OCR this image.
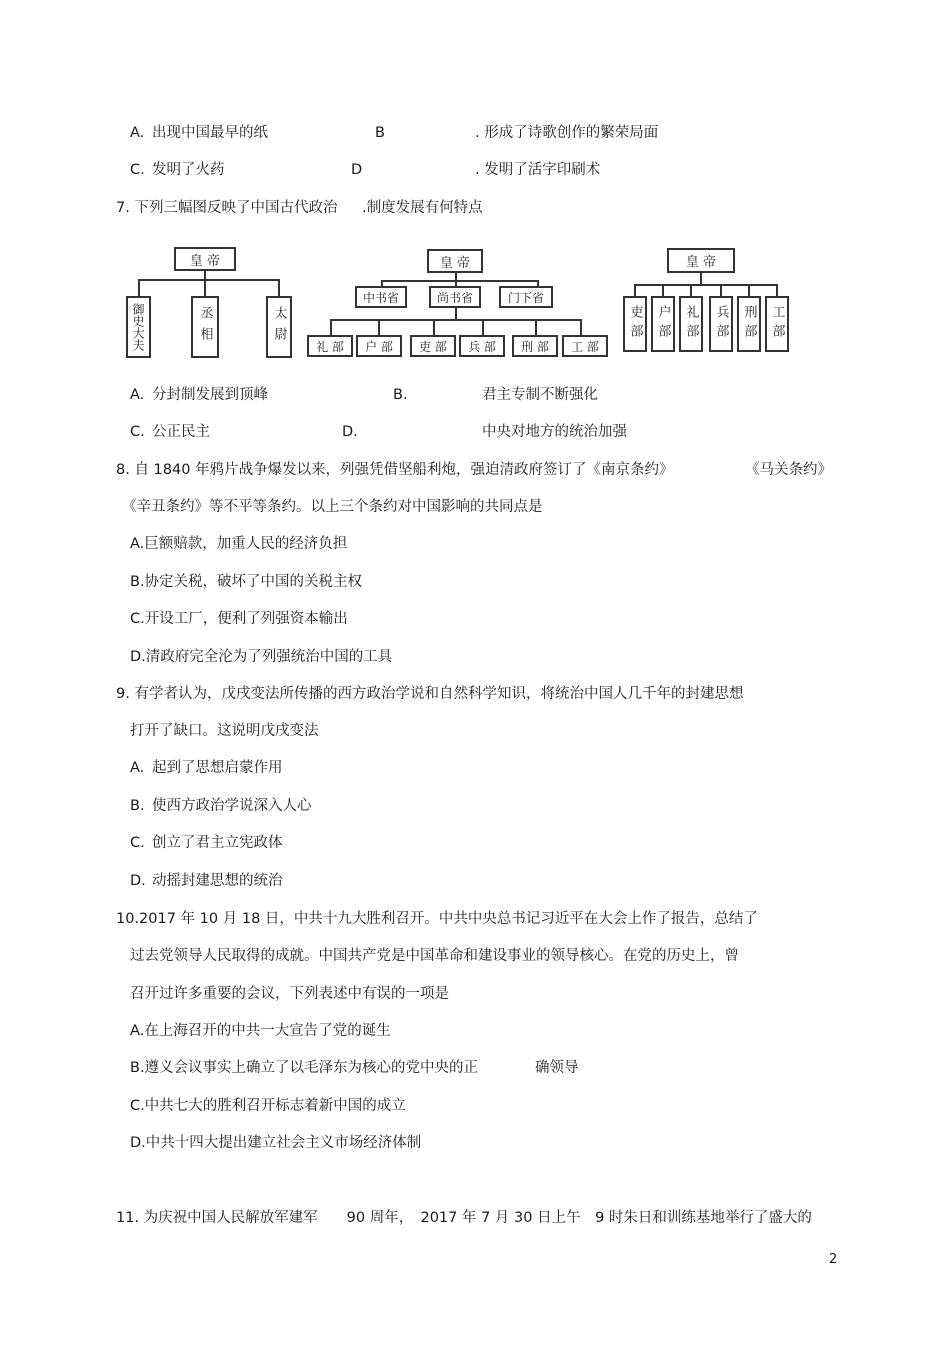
A. 出现中国最早的纸	B	. 形成了诗歌创作的繁荣局面
C. 发明了火药	D	. 发明了活字印刷术
7. 下列三幅图反映了中国古代政治 .制度发展有何特点
皇 帝
御史大夫	丞相	太尉
皇 帝
中书省	尚书省	门下省
礼 部 户 部 吏 部 兵 部 刑 部 工 部
皇 帝
吏部 户部 礼部 兵部 刑部 工部
A. 分封制发展到顶峰	B.	君主专制不断强化
C. 公正民主	D.	中央对地方的统治加强
8. 自 1840 年鸦片战争爆发以来，列强凭借坚船利炮，强迫清政府签订了《南京条约》	《马关条约》
《辛丑条约》等不平等条约。以上三个条约对中国影响的共同点是
A.巨额赔款，加重人民的经济负担
B.协定关税，破坏了中国的关税主权
C.开设工厂，便利了列强资本输出
D.清政府完全沦为了列强统治中国的工具
9. 有学者认为，戊戌变法所传播的西方政治学说和自然科学知识，将统治中国人几千年的封建思想
打开了缺口。这说明戊戌变法
A. 起到了思想启蒙作用
B. 使西方政治学说深入人心
C. 创立了君主立宪政体
D. 动摇封建思想的统治
10.2017 年 10 月 18 日，中共十九大胜利召开。中共中央总书记习近平在大会上作了报告，总结了
过去党领导人民取得的成就。中国共产党是中国革命和建设事业的领导核心。在党的历史上，曾
召开过许多重要的会议，下列表述中有误的一项是
A.在上海召开的中共一大宣告了党的诞生
B.遵义会议事实上确立了以毛泽东为核心的党中央的正	确领导
C.中共七大的胜利召开标志着新中国的成立
D.中共十四大提出建立社会主义市场经济体制
11. 为庆祝中国人民解放军建军　　90 周年，　2017 年 7 月 30 日上午　9 时朱日和训练基地举行了盛大的
2
